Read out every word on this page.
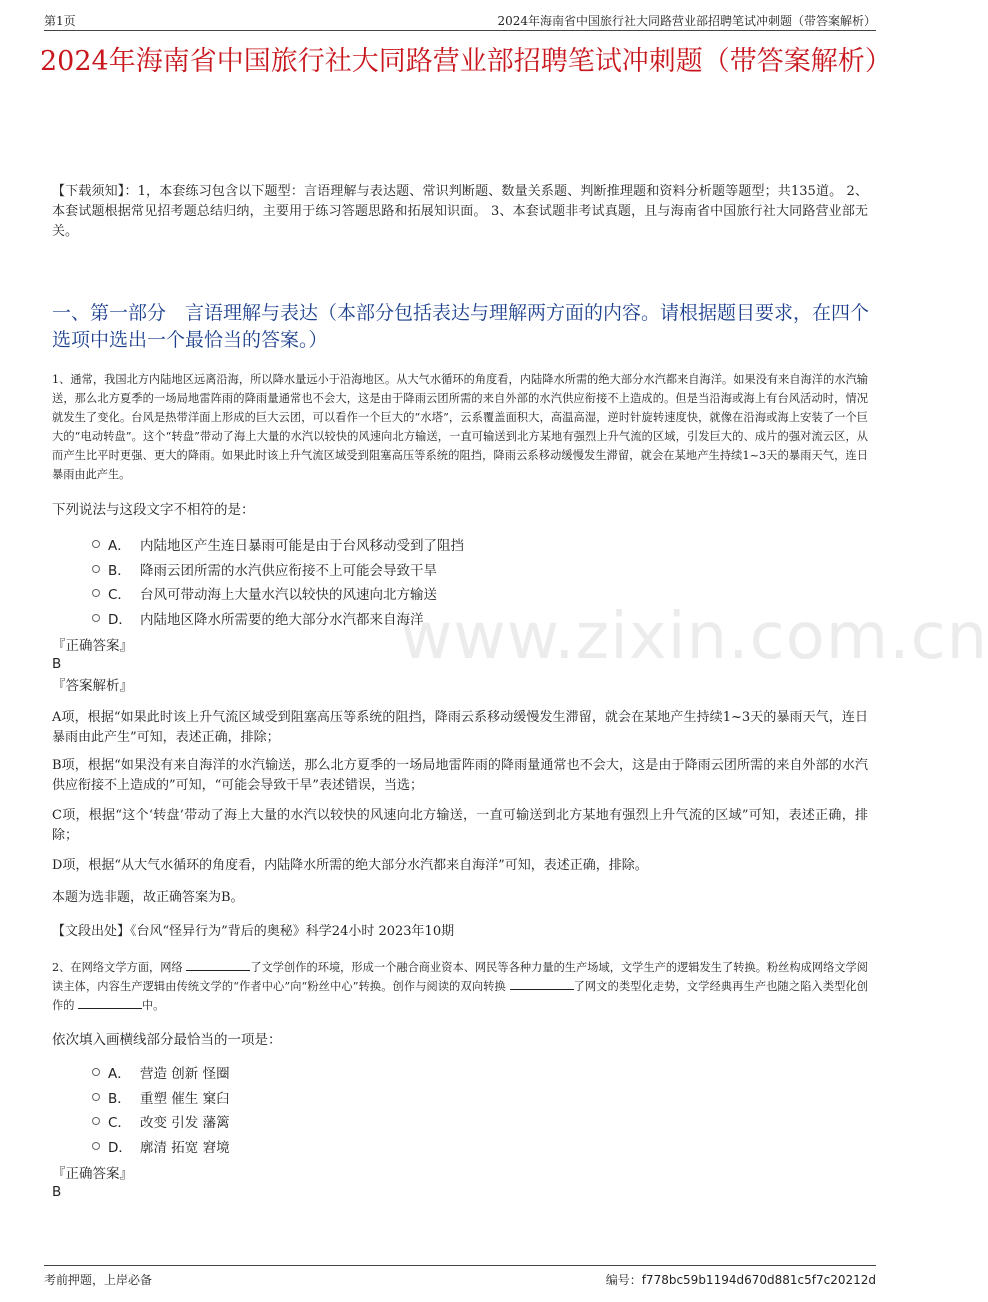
第1页	2024年海南省中国旅行社大同路营业部招聘笔试冲刺题（带答案解析）
2024年海南省中国旅行社大同路营业部招聘笔试冲刺题（带答案解析）
【下载须知】：1，本套练习包含以下题型：言语理解与表达题、常识判断题、数量关系题、判断推理题和资料分析题等题型；共135道。 2、本套试题根据常见招考题总结归纳，主要用于练习答题思路和拓展知识面。 3、本套试题非考试真题，且与海南省中国旅行社大同路营业部无关。
一、第一部分　言语理解与表达（本部分包括表达与理解两方面的内容。请根据题目要求，在四个选项中选出一个最恰当的答案。）
1、通常，我国北方内陆地区远离沿海，所以降水量远小于沿海地区。从大气水循环的角度看，内陆降水所需的绝大部分水汽都来自海洋。如果没有来自海洋的水汽输送，那么北方夏季的一场局地雷阵雨的降雨量通常也不会大，这是由于降雨云团所需的来自外部的水汽供应衔接不上造成的。但是当沿海或海上有台风活动时，情况就发生了变化。台风是热带洋面上形成的巨大云团，可以看作一个巨大的“水塔”，云系覆盖面积大，高温高湿，逆时针旋转速度快，就像在沿海或海上安装了一个巨大的“电动转盘”。这个“转盘”带动了海上大量的水汽以较快的风速向北方输送，一直可输送到北方某地有强烈上升气流的区域，引发巨大的、成片的强对流云区，从而产生比平时更强、更大的降雨。如果此时该上升气流区域受到阻塞高压等系统的阻挡，降雨云系移动缓慢发生滞留，就会在某地产生持续1~3天的暴雨天气，连日暴雨由此产生。
下列说法与这段文字不相符的是：
A． 内陆地区产生连日暴雨可能是由于台风移动受到了阻挡
B． 降雨云团所需的水汽供应衔接不上可能会导致干旱
C． 台风可带动海上大量水汽以较快的风速向北方输送
D． 内陆地区降水所需要的绝大部分水汽都来自海洋
『正确答案』
B
『答案解析』
A项，根据“如果此时该上升气流区域受到阻塞高压等系统的阻挡，降雨云系移动缓慢发生滞留，就会在某地产生持续1~3天的暴雨天气，连日暴雨由此产生”可知，表述正确，排除；
B项，根据“如果没有来自海洋的水汽输送，那么北方夏季的一场局地雷阵雨的降雨量通常也不会大，这是由于降雨云团所需的来自外部的水汽供应衔接不上造成的”可知，“可能会导致干旱”表述错误，当选；
C项，根据“这个‘转盘’带动了海上大量的水汽以较快的风速向北方输送，一直可输送到北方某地有强烈上升气流的区域”可知，表述正确，排除；
D项，根据“从大气水循环的角度看，内陆降水所需的绝大部分水汽都来自海洋”可知，表述正确，排除。
本题为选非题，故正确答案为B。
【文段出处】《台风“怪异行为”背后的奥秘》科学24小时 2023年10期
2、在网络文学方面，网络	了文学创作的环境，形成一个融合商业资本、网民等各种力量的生产场域，文学生产的逻辑发生了转换。粉丝构成网络文学阅读主体，内容生产逻辑由传统文学的“作者中心”向“粉丝中心”转换。创作与阅读的双向转换	了网文的类型化走势，文学经典再生产也随之陷入类型化创作的	中。
依次填入画横线部分最恰当的一项是：
A． 营造 创新 怪圈
B． 重塑 催生 窠臼
C． 改变 引发 藩篱
D． 廓清 拓宽 窘境
『正确答案』
B
www.zixin.com.cn
考前押题，上岸必备	编号：f778bc59b1194d670d881c5f7c20212d
